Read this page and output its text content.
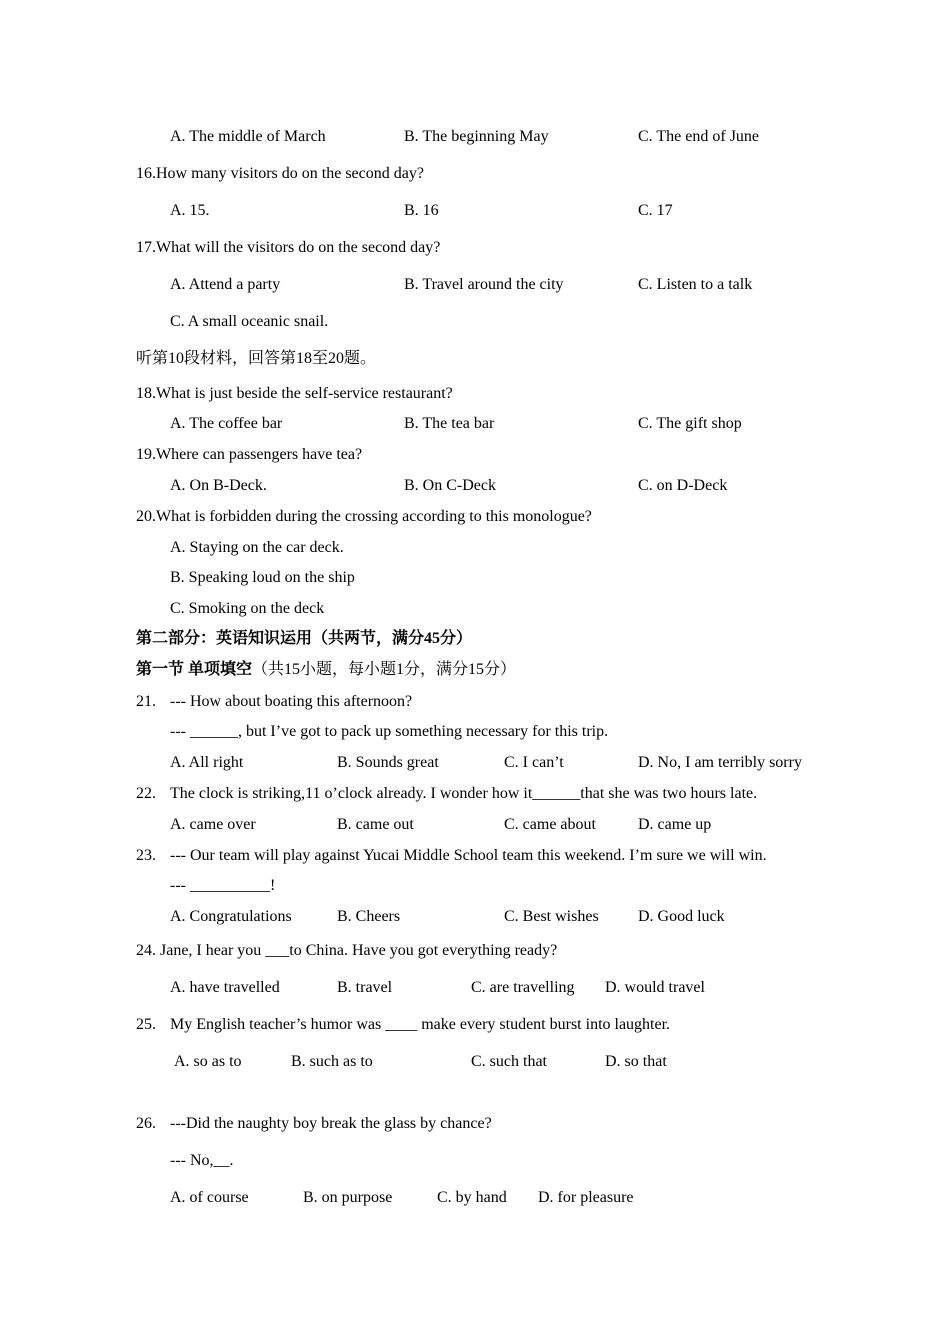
A. The middle of March	B. The beginning May	C. The end of June
16.How many visitors do on the second day?
A. 15.	B. 16	C. 17
17.What will the visitors do on the second day?
A. Attend a party	B. Travel around the city	C. Listen to a talk
C. A small oceanic snail.
听第10段材料，回答第18至20题。
18.What is just beside the self-service restaurant?
A. The coffee bar	B. The tea bar	C. The gift shop
19.Where can passengers have tea?
A. On B-Deck.	B. On C-Deck	C. on D-Deck
20.What is forbidden during the crossing according to this monologue?
A. Staying on the car deck.
B. Speaking loud on the ship
C. Smoking on the deck
第二部分：英语知识运用（共两节，满分45分）
第一节 单项填空（共15小题，每小题1分，满分15分）
21. --- How about boating this afternoon?
--- ______, but I’ve got to pack up something necessary for this trip.
A. All right	B. Sounds great	C. I can’t	D. No, I am terribly sorry
22. The clock is striking,11 o’clock already. I wonder how it______that she was two hours late.
A. came over	B. came out	C. came about	D. came up
23. --- Our team will play against Yucai Middle School team this weekend. I’m sure we will win.
--- __________!
A. Congratulations	B. Cheers	C. Best wishes D. Good luck
24. Jane, I hear you ___to China. Have you got everything ready?
A. have travelled	B. travel	C. are travelling D. would travel
25. My English teacher’s humor was ____ make every student burst into laughter.
A. so as to	B. such as to	C. such that	D. so that
26. ---Did the naughty boy break the glass by chance?
--- No,__.
A. of course	B. on purpose	C. by hand D. for pleasure
